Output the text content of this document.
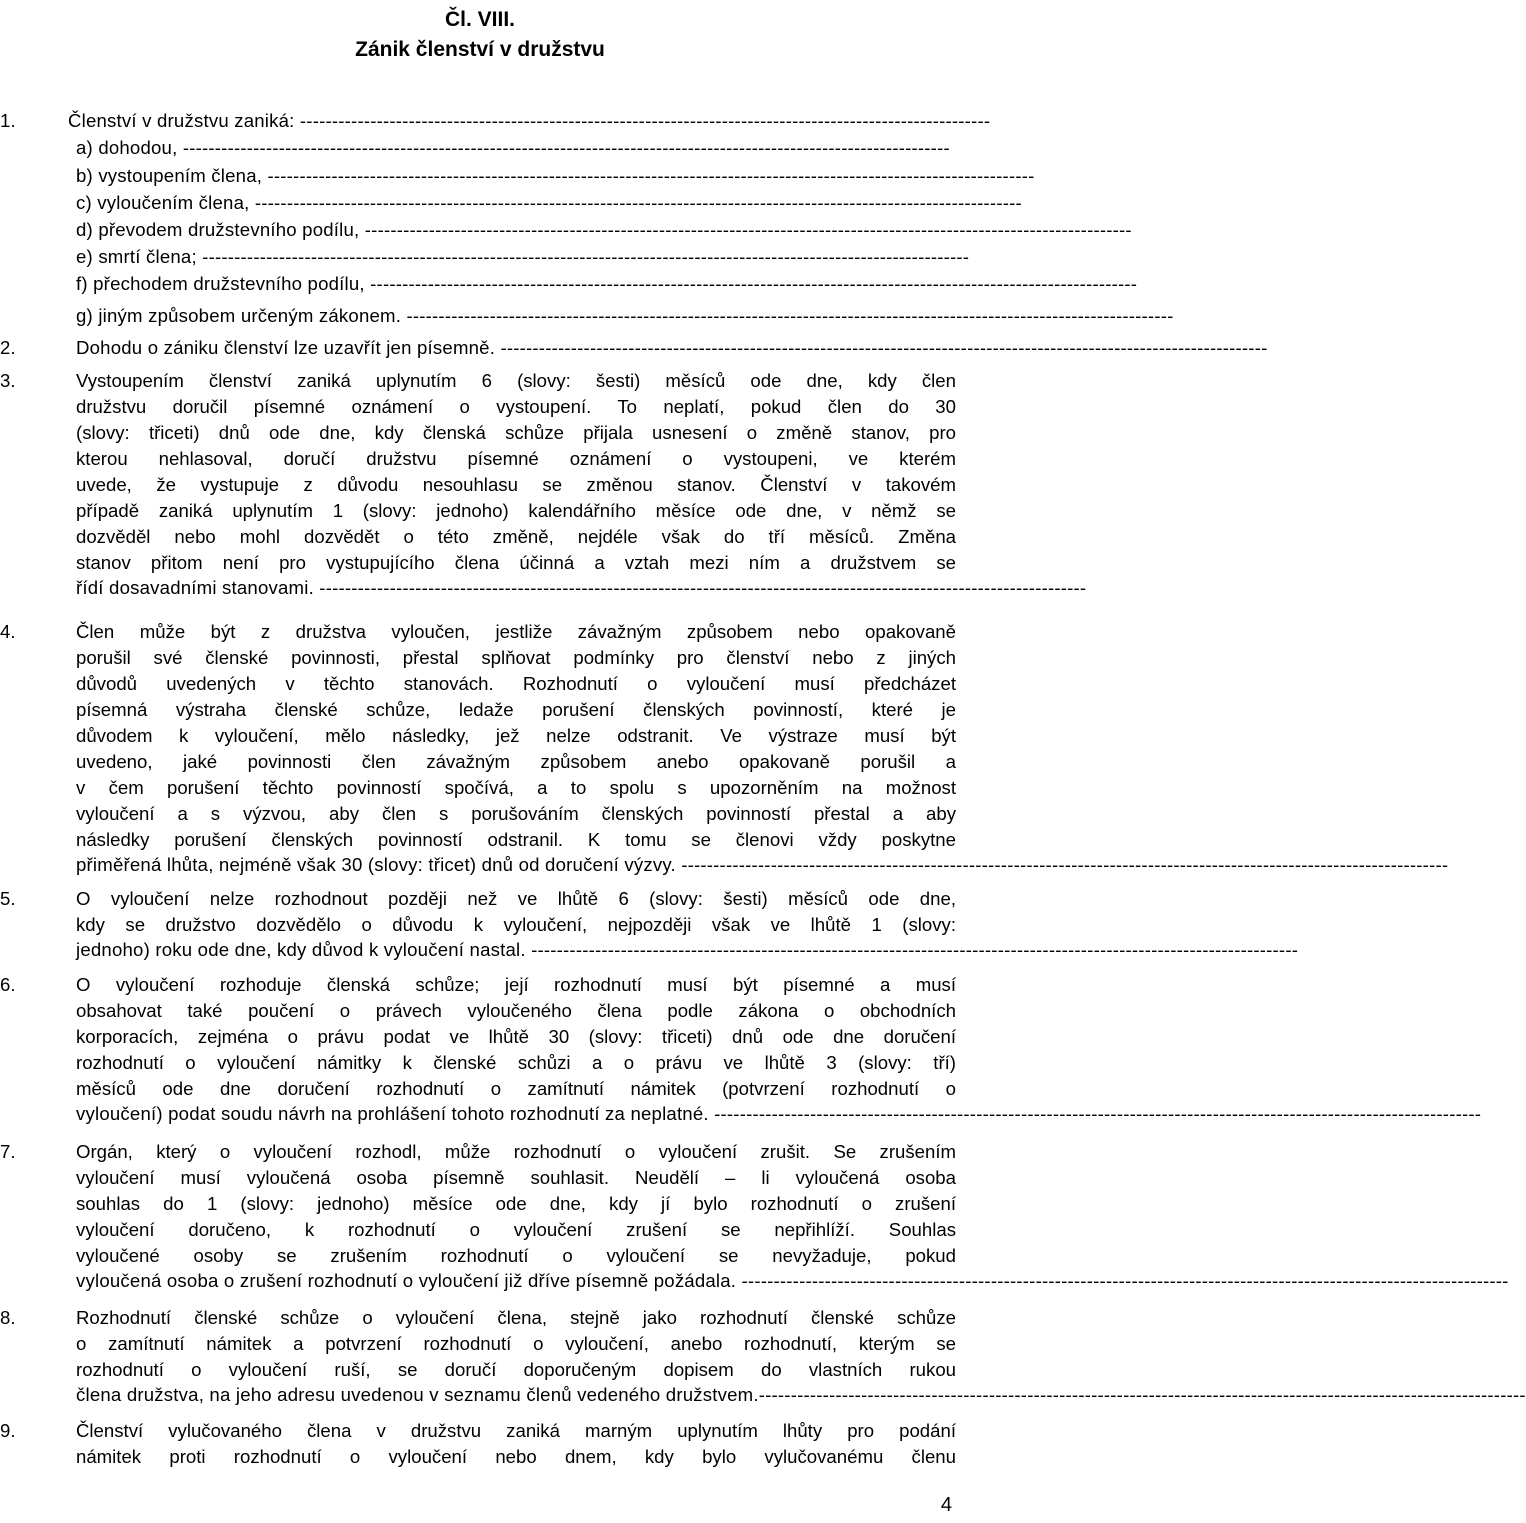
Čl. VIII.
Zánik členství v družstvu
1.	Členství v družstvu zaniká: ------------------------------------------------------------------------------------------------------------
a) dohodou, ------------------------------------------------------------------------------------------------------------------------
b) vystoupením člena, ------------------------------------------------------------------------------------------------------------------------
c) vyloučením člena, ------------------------------------------------------------------------------------------------------------------------
d) převodem družstevního podílu, ------------------------------------------------------------------------------------------------------------------------
e) smrtí člena; ------------------------------------------------------------------------------------------------------------------------
f) přechodem družstevního podílu, ------------------------------------------------------------------------------------------------------------------------
g) jiným způsobem určeným zákonem. ------------------------------------------------------------------------------------------------------------------------
2.	Dohodu o zániku členství lze uzavřít jen písemně. ------------------------------------------------------------------------------------------------------------------------
3.	Vystoupením členství zaniká uplynutím 6 (slovy: šesti) měsíců ode dne, kdy člen
družstvu doručil písemné oznámení o vystoupení. To neplatí, pokud člen do 30
(slovy: třiceti) dnů ode dne, kdy členská schůze přijala usnesení o změně stanov, pro
kterou nehlasoval, doručí družstvu písemné oznámení o vystoupeni, ve kterém
uvede, že vystupuje z důvodu nesouhlasu se změnou stanov. Členství v takovém
případě zaniká uplynutím 1 (slovy: jednoho) kalendářního měsíce ode dne, v němž se
dozvěděl nebo mohl dozvědět o této změně, nejdéle však do tří měsíců. Změna
stanov přitom není pro vystupujícího člena účinná a vztah mezi ním a družstvem se
řídí dosavadními stanovami. ------------------------------------------------------------------------------------------------------------------------
4.	Člen může být z družstva vyloučen, jestliže závažným způsobem nebo opakovaně
porušil své členské povinnosti, přestal splňovat podmínky pro členství nebo z jiných
důvodů uvedených v těchto stanovách. Rozhodnutí o vyloučení musí předcházet
písemná výstraha členské schůze, ledaže porušení členských povinností, které je
důvodem k vyloučení, mělo následky, jež nelze odstranit. Ve výstraze musí být
uvedeno, jaké povinnosti člen závažným způsobem anebo opakovaně porušil a
v čem porušení těchto povinností spočívá, a to spolu s upozorněním na možnost
vyloučení a s výzvou, aby člen s porušováním členských povinností přestal a aby
následky porušení členských povinností odstranil. K tomu se členovi vždy poskytne
přiměřená lhůta, nejméně však 30 (slovy: třicet) dnů od doručení výzvy. ------------------------------------------------------------------------------------------------------------------------
5.	O vyloučení nelze rozhodnout později než ve lhůtě 6 (slovy: šesti) měsíců ode dne,
kdy se družstvo dozvědělo o důvodu k vyloučení, nejpozději však ve lhůtě 1 (slovy:
jednoho) roku ode dne, kdy důvod k vyloučení nastal. ------------------------------------------------------------------------------------------------------------------------
6.	O vyloučení rozhoduje členská schůze; její rozhodnutí musí být písemné a musí
obsahovat také poučení o právech vyloučeného člena podle zákona o obchodních
korporacích, zejména o právu podat ve lhůtě 30 (slovy: třiceti) dnů ode dne doručení
rozhodnutí o vyloučení námitky k členské schůzi a o právu ve lhůtě 3 (slovy: tří)
měsíců ode dne doručení rozhodnutí o zamítnutí námitek (potvrzení rozhodnutí o
vyloučení) podat soudu návrh na prohlášení tohoto rozhodnutí za neplatné. ------------------------------------------------------------------------------------------------------------------------
7.	Orgán, který o vyloučení rozhodl, může rozhodnutí o vyloučení zrušit. Se zrušením
vyloučení musí vyloučená osoba písemně souhlasit. Neudělí – li vyloučená osoba
souhlas do 1 (slovy: jednoho) měsíce ode dne, kdy jí bylo rozhodnutí o zrušení
vyloučení doručeno, k rozhodnutí o vyloučení zrušení se nepřihlíží. Souhlas
vyloučené osoby se zrušením rozhodnutí o vyloučení se nevyžaduje, pokud
vyloučená osoba o zrušení rozhodnutí o vyloučení již dříve písemně požádala. ------------------------------------------------------------------------------------------------------------------------
8.	Rozhodnutí členské schůze o vyloučení člena, stejně jako rozhodnutí členské schůze
o zamítnutí námitek a potvrzení rozhodnutí o vyloučení, anebo rozhodnutí, kterým se
rozhodnutí o vyloučení ruší, se doručí doporučeným dopisem do vlastních rukou
člena družstva, na jeho adresu uvedenou v seznamu členů vedeného družstvem.------------------------------------------------------------------------------------------------------------------------
9.	Členství vylučovaného člena v družstvu zaniká marným uplynutím lhůty pro podání
námitek proti rozhodnutí o vyloučení nebo dnem, kdy bylo vylučovanému členu
4
